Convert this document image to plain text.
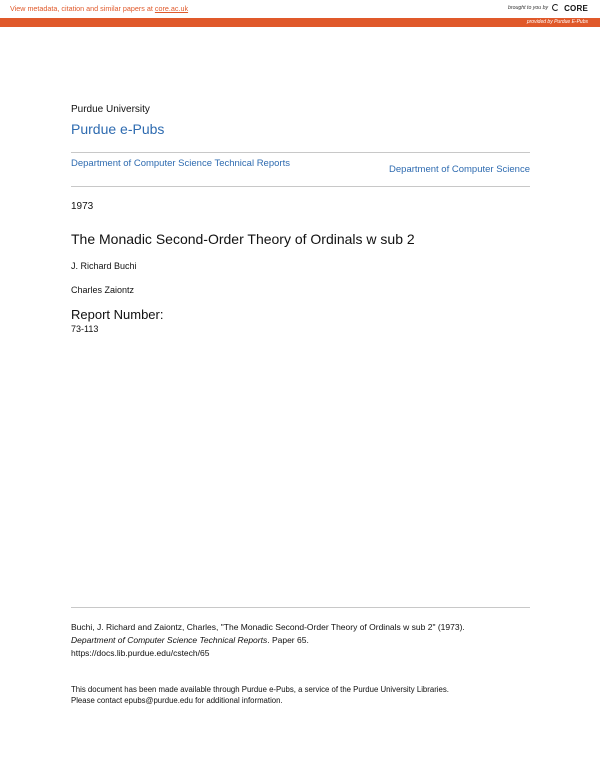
View metadata, citation and similar papers at core.ac.uk	brought to you by CORE
provided by Purdue E-Pubs
Purdue University
Purdue e-Pubs
Department of Computer Science Technical Reports
Department of Computer Science
1973
The Monadic Second-Order Theory of Ordinals w sub 2
J. Richard Buchi
Charles Zaiontz
Report Number:
73-113
Buchi, J. Richard and Zaiontz, Charles, "The Monadic Second-Order Theory of Ordinals w sub 2" (1973).
Department of Computer Science Technical Reports. Paper 65.
https://docs.lib.purdue.edu/cstech/65
This document has been made available through Purdue e-Pubs, a service of the Purdue University Libraries.
Please contact epubs@purdue.edu for additional information.
